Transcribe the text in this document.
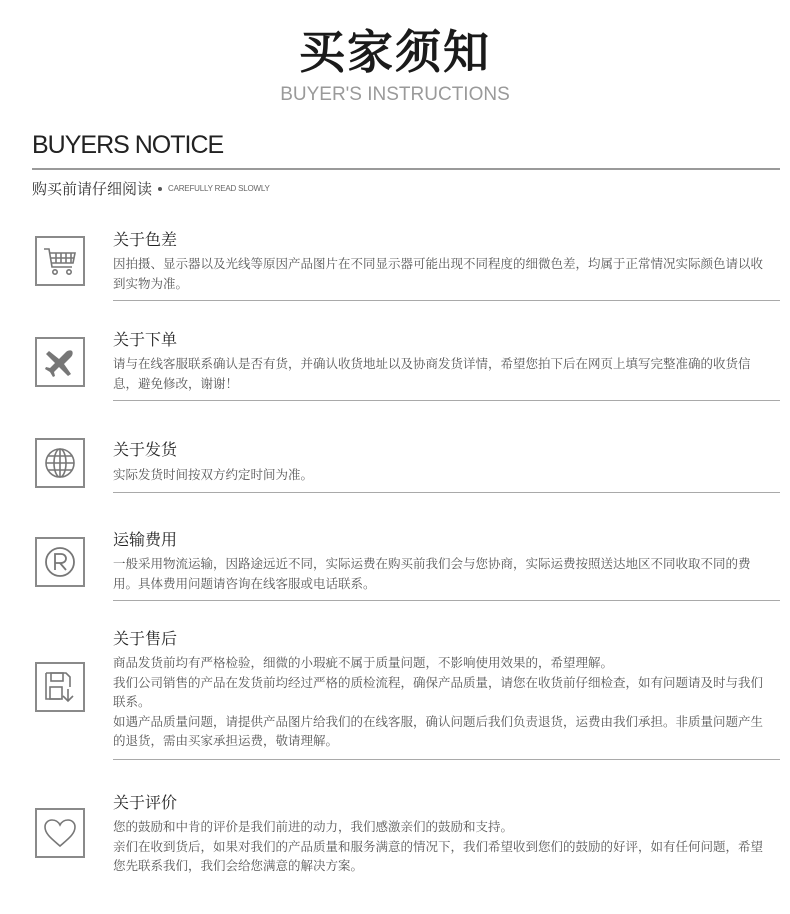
买家须知
BUYER'S INSTRUCTIONS
BUYERS NOTICE
购买前请仔细阅读 CAREFULLY READ SLOWLY
关于色差

因拍摄、显示器以及光线等原因产品图片在不同显示器可能出现不同程度的细微色差，均属于正常情况实际颜色请以收到实物为准。

关于下单

请与在线客服联系确认是否有货，并确认收货地址以及协商发货详情，希望您拍下后在网页上填写完整准确的收货信息，避免修改，谢谢！

关于发货

实际发货时间按双方约定时间为准。

运输费用

一般采用物流运输，因路途远近不同，实际运费在购买前我们会与您协商，实际运费按照送达地区不同收取不同的费用。具体费用问题请咨询在线客服或电话联系。

关于售后

商品发货前均有严格检验，细微的小瑕疵不属于质量问题，不影响使用效果的，希望理解。

我们公司销售的产品在发货前均经过严格的质检流程，确保产品质量，请您在收货前仔细检查，如有问题请及时与我们联系。

如遇产品质量问题，请提供产品图片给我们的在线客服，确认问题后我们负责退货，运费由我们承担。非质量问题产生的退货，需由买家承担运费，敬请理解。

关于评价

您的鼓励和中肯的评价是我们前进的动力，我们感激亲们的鼓励和支持。

亲们在收到货后，如果对我们的产品质量和服务满意的情况下，我们希望收到您们的鼓励的好评，如有任何问题，希望您先联系我们，我们会给您满意的解决方案。
